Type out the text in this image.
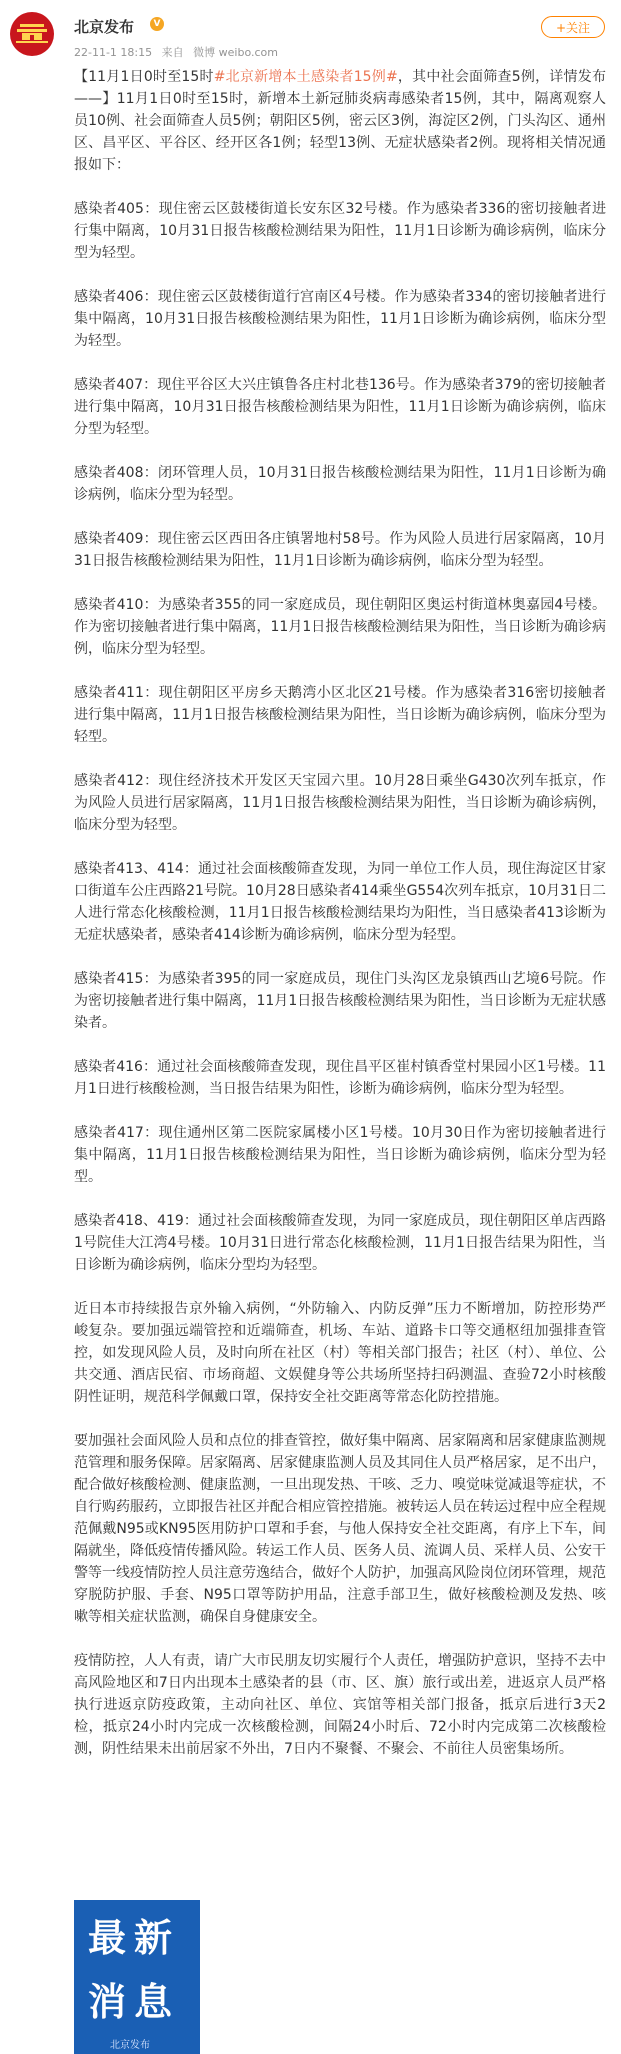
北京发布	V
22-11-1 18:15 来自 微博 weibo.com
+关注

【11月1日0时至15时#北京新增本土感染者15例#，其中社会面筛查5例，详情发布——】11月1日0时至15时，新增本土新冠肺炎病毒感染者15例，其中，隔离观察人员10例、社会面筛查人员5例；朝阳区5例，密云区3例，海淀区2例，门头沟区、通州区、昌平区、平谷区、经开区各1例；轻型13例、无症状感染者2例。现将相关情况通报如下：

感染者405：现住密云区鼓楼街道长安东区32号楼。作为感染者336的密切接触者进行集中隔离，10月31日报告核酸检测结果为阳性，11月1日诊断为确诊病例，临床分型为轻型。

感染者406：现住密云区鼓楼街道行宫南区4号楼。作为感染者334的密切接触者进行集中隔离，10月31日报告核酸检测结果为阳性，11月1日诊断为确诊病例，临床分型为轻型。

感染者407：现住平谷区大兴庄镇鲁各庄村北巷136号。作为感染者379的密切接触者进行集中隔离，10月31日报告核酸检测结果为阳性，11月1日诊断为确诊病例，临床分型为轻型。

感染者408：闭环管理人员，10月31日报告核酸检测结果为阳性，11月1日诊断为确诊病例，临床分型为轻型。

感染者409：现住密云区西田各庄镇署地村58号。作为风险人员进行居家隔离，10月31日报告核酸检测结果为阳性，11月1日诊断为确诊病例，临床分型为轻型。

感染者410：为感染者355的同一家庭成员，现住朝阳区奥运村街道林奥嘉园4号楼。作为密切接触者进行集中隔离，11月1日报告核酸检测结果为阳性，当日诊断为确诊病例，临床分型为轻型。

感染者411：现住朝阳区平房乡天鹅湾小区北区21号楼。作为感染者316密切接触者进行集中隔离，11月1日报告核酸检测结果为阳性，当日诊断为确诊病例，临床分型为轻型。

感染者412：现住经济技术开发区天宝园六里。10月28日乘坐G430次列车抵京，作为风险人员进行居家隔离，11月1日报告核酸检测结果为阳性，当日诊断为确诊病例，临床分型为轻型。

感染者413、414：通过社会面核酸筛查发现，为同一单位工作人员，现住海淀区甘家口街道车公庄西路21号院。10月28日感染者414乘坐G554次列车抵京，10月31日二人进行常态化核酸检测，11月1日报告核酸检测结果均为阳性，当日感染者413诊断为无症状感染者，感染者414诊断为确诊病例，临床分型为轻型。

感染者415：为感染者395的同一家庭成员，现住门头沟区龙泉镇西山艺境6号院。作为密切接触者进行集中隔离，11月1日报告核酸检测结果为阳性，当日诊断为无症状感染者。

感染者416：通过社会面核酸筛查发现，现住昌平区崔村镇香堂村果园小区1号楼。11月1日进行核酸检测，当日报告结果为阳性，诊断为确诊病例，临床分型为轻型。

感染者417：现住通州区第二医院家属楼小区1号楼。10月30日作为密切接触者进行集中隔离，11月1日报告核酸检测结果为阳性，当日诊断为确诊病例，临床分型为轻型。

感染者418、419：通过社会面核酸筛查发现，为同一家庭成员，现住朝阳区单店西路1号院佳大江湾4号楼。10月31日进行常态化核酸检测，11月1日报告结果为阳性，当日诊断为确诊病例，临床分型均为轻型。

近日本市持续报告京外输入病例，“外防输入、内防反弹”压力不断增加，防控形势严峻复杂。要加强远端管控和近端筛查，机场、车站、道路卡口等交通枢纽加强排查管控，如发现风险人员，及时向所在社区（村）等相关部门报告；社区（村）、单位、公共交通、酒店民宿、市场商超、文娱健身等公共场所坚持扫码测温、查验72小时核酸阴性证明，规范科学佩戴口罩，保持安全社交距离等常态化防控措施。

要加强社会面风险人员和点位的排查管控，做好集中隔离、居家隔离和居家健康监测规范管理和服务保障。居家隔离、居家健康监测人员及其同住人员严格居家，足不出户，配合做好核酸检测、健康监测，一旦出现发热、干咳、乏力、嗅觉味觉减退等症状，不自行购药服药，立即报告社区并配合相应管控措施。被转运人员在转运过程中应全程规范佩戴N95或KN95医用防护口罩和手套，与他人保持安全社交距离，有序上下车，间隔就坐，降低疫情传播风险。转运工作人员、医务人员、流调人员、采样人员、公安干警等一线疫情防控人员注意劳逸结合，做好个人防护，加强高风险岗位闭环管理，规范穿脱防护服、手套、N95口罩等防护用品，注意手部卫生，做好核酸检测及发热、咳嗽等相关症状监测，确保自身健康安全。

疫情防控，人人有责，请广大市民朋友切实履行个人责任，增强防护意识，坚持不去中高风险地区和7日内出现本土感染者的县（市、区、旗）旅行或出差，进返京人员严格执行进返京防疫政策，主动向社区、单位、宾馆等相关部门报备，抵京后进行3天2检，抵京24小时内完成一次核酸检测，间隔24小时后、72小时内完成第二次核酸检测，阴性结果未出前居家不外出，7日内不聚餐、不聚会、不前往人员密集场所。

最新
消息
北京发布
